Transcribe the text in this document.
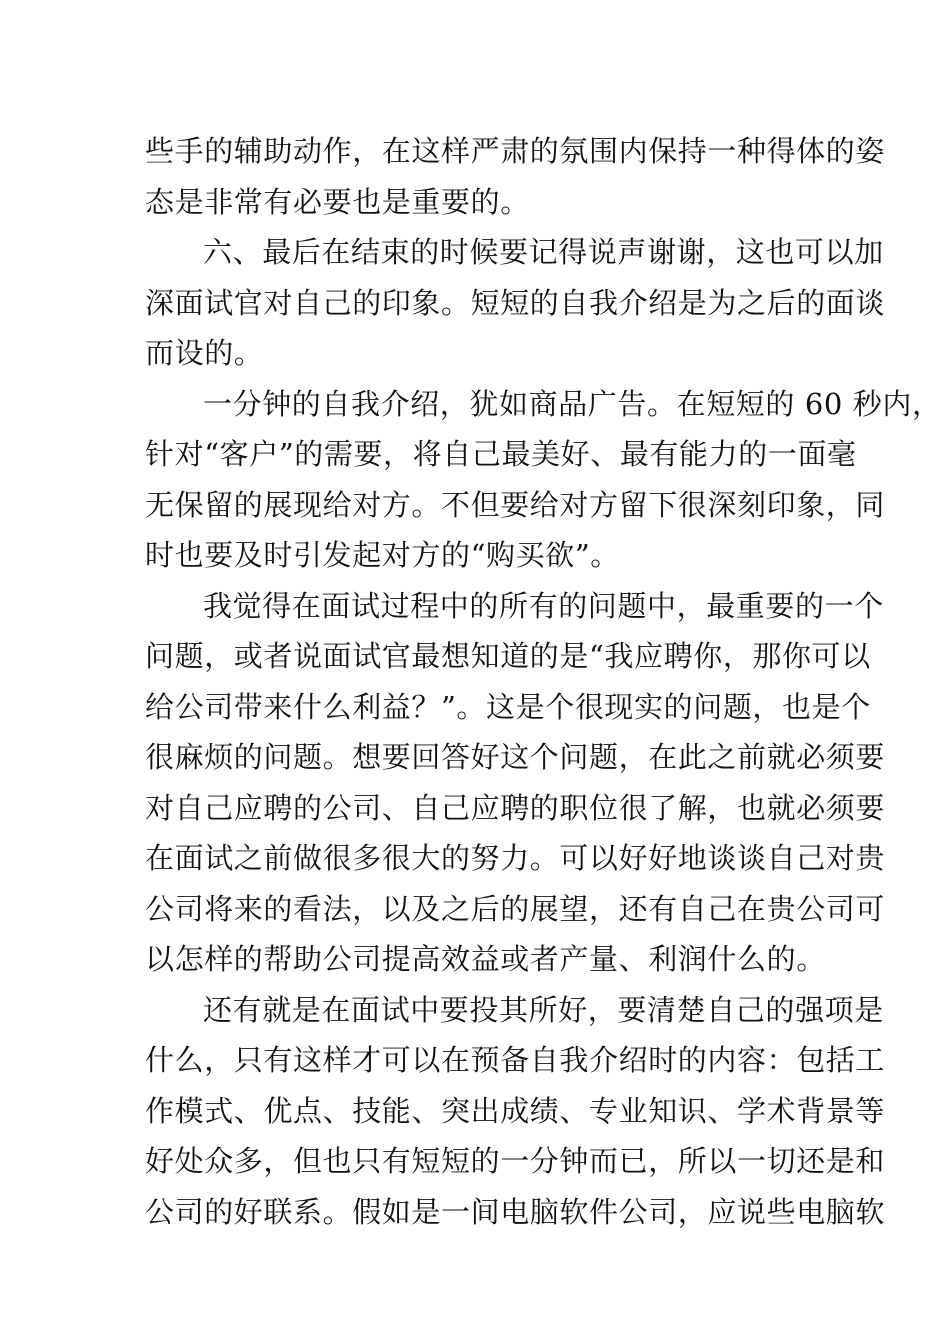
些手的辅助动作，在这样严肃的氛围内保持一种得体的姿
态是非常有必要也是重要的。
六、最后在结束的时候要记得说声谢谢，这也可以加
深面试官对自己的印象。短短的自我介绍是为之后的面谈
而设的。
一分钟的自我介绍，犹如商品广告。在短短的 60 秒内，
针对“客户”的需要，将自己最美好、最有能力的一面毫
无保留的展现给对方。不但要给对方留下很深刻印象，同
时也要及时引发起对方的“购买欲”。
我觉得在面试过程中的所有的问题中，最重要的一个
问题，或者说面试官最想知道的是“我应聘你，那你可以
给公司带来什么利益？”。这是个很现实的问题，也是个
很麻烦的问题。想要回答好这个问题，在此之前就必须要
对自己应聘的公司、自己应聘的职位很了解，也就必须要
在面试之前做很多很大的努力。可以好好地谈谈自己对贵
公司将来的看法，以及之后的展望，还有自己在贵公司可
以怎样的帮助公司提高效益或者产量、利润什么的。
还有就是在面试中要投其所好，要清楚自己的强项是
什么，只有这样才可以在预备自我介绍时的内容：包括工
作模式、优点、技能、突出成绩、专业知识、学术背景等
好处众多，但也只有短短的一分钟而已，所以一切还是和
公司的好联系。假如是一间电脑软件公司，应说些电脑软
